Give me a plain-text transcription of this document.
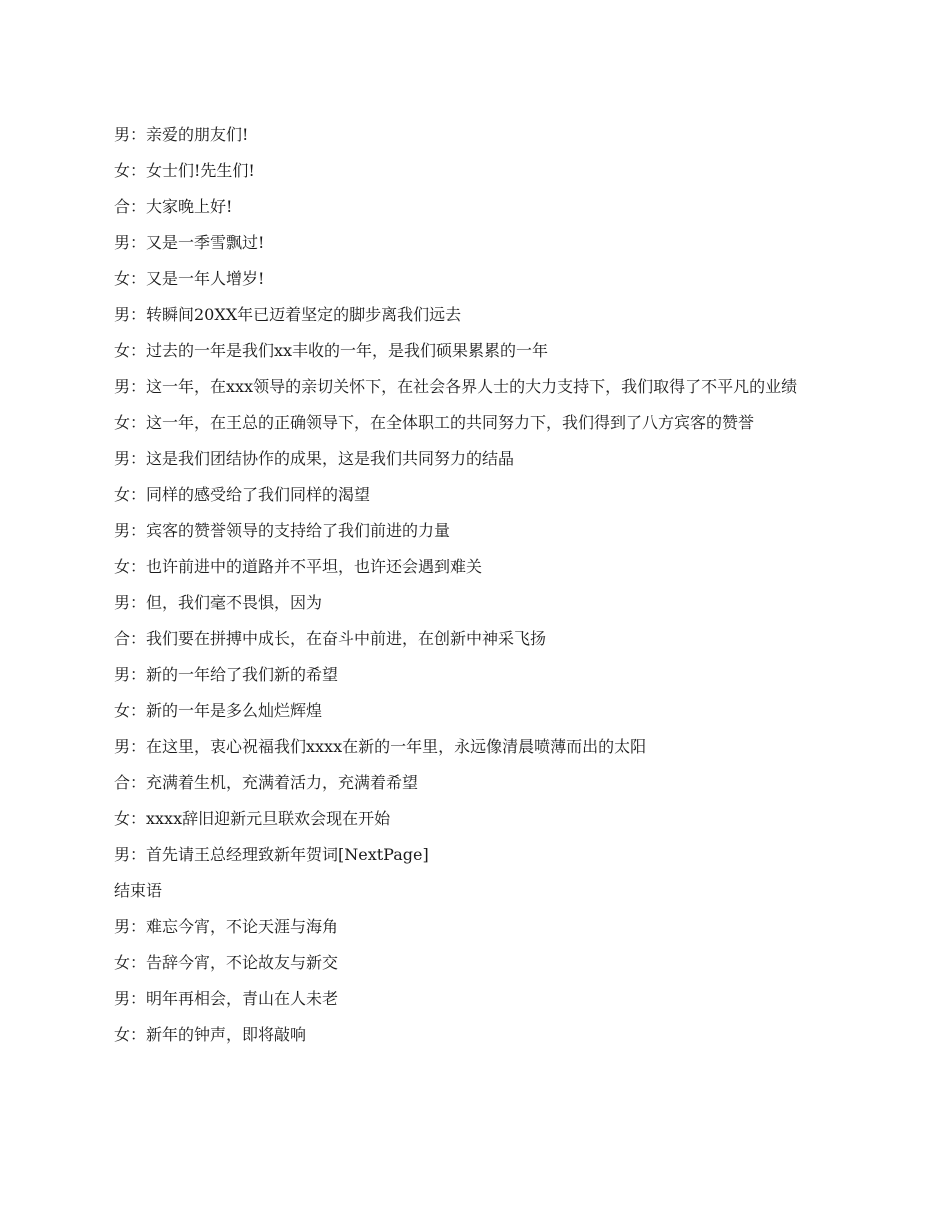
男：亲爱的朋友们!

女：女士们!先生们!

合：大家晚上好!

男：又是一季雪飘过!

女：又是一年人增岁!

男：转瞬间20XX年已迈着坚定的脚步离我们远去

女：过去的一年是我们xx丰收的一年，是我们硕果累累的一年

男：这一年，在xxx领导的亲切关怀下，在社会各界人士的大力支持下，我们取得了不平凡的业绩

女：这一年，在王总的正确领导下，在全体职工的共同努力下，我们得到了八方宾客的赞誉

男：这是我们团结协作的成果，这是我们共同努力的结晶

女：同样的感受给了我们同样的渴望

男：宾客的赞誉领导的支持给了我们前进的力量

女：也许前进中的道路并不平坦，也许还会遇到难关

男：但，我们毫不畏惧，因为

合：我们要在拼搏中成长，在奋斗中前进，在创新中神采飞扬

男：新的一年给了我们新的希望

女：新的一年是多么灿烂辉煌

男：在这里，衷心祝福我们xxxx在新的一年里，永远像清晨喷薄而出的太阳

合：充满着生机，充满着活力，充满着希望

女：xxxx辞旧迎新元旦联欢会现在开始

男：首先请王总经理致新年贺词[NextPage]

结束语

男：难忘今宵，不论天涯与海角

女：告辞今宵，不论故友与新交

男：明年再相会，青山在人未老

女：新年的钟声，即将敲响
